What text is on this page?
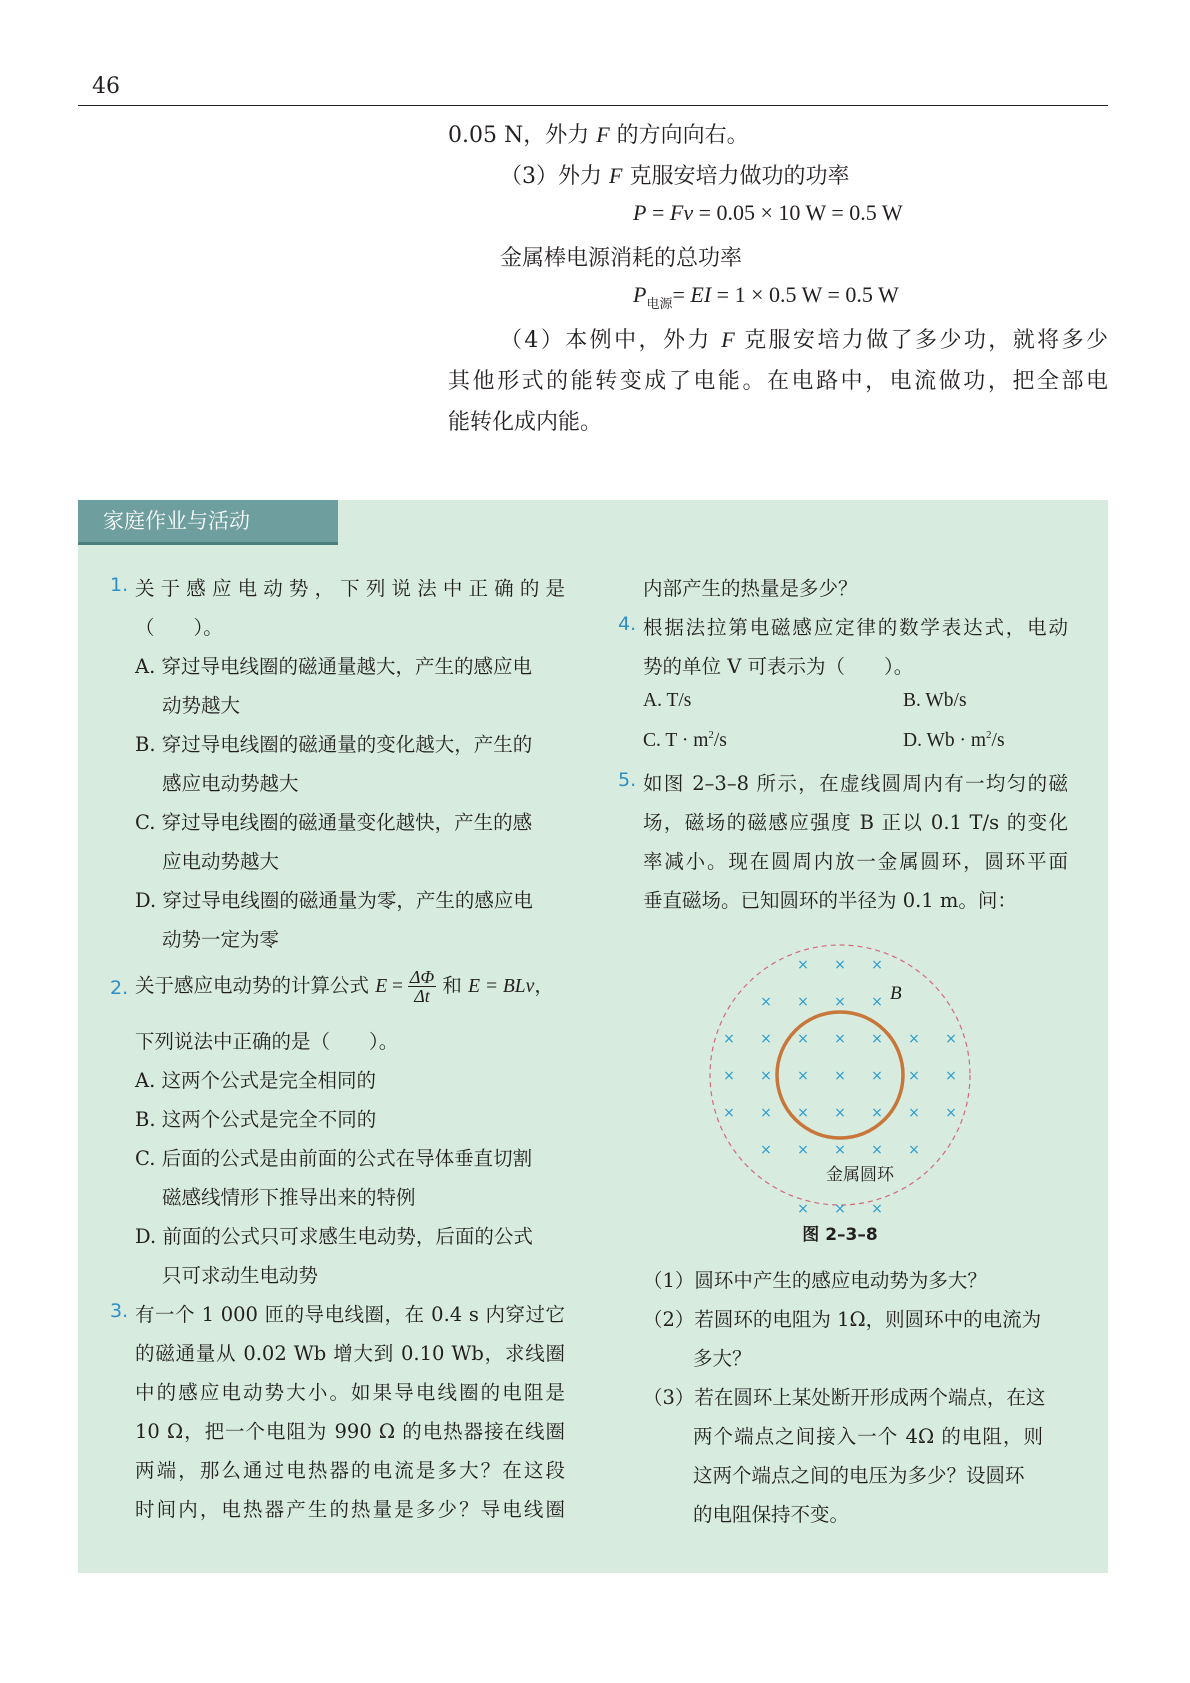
46
0.05 N，外力 F 的方向向右。
（3）外力 F 克服安培力做功的功率
P = Fv = 0.05 × 10 W = 0.5 W
金属棒电源消耗的总功率
$P_{电源}=$ EI = 1 × 0.5 W = 0.5 W
（4）本例中，外力 F 克服安培力做了多少功，就将多少
其他形式的能转变成了电能。在电路中，电流做功，把全部电
能转化成内能。
家庭作业与活动
1. 关于感应电动势，下列说法中正确的是
（　　）。
A. 穿过导电线圈的磁通量越大，产生的感应电
动势越大
B. 穿过导电线圈的磁通量的变化越大，产生的
感应电动势越大
C. 穿过导电线圈的磁通量变化越快，产生的感
应电动势越大
D. 穿过导电线圈的磁通量为零，产生的感应电
动势一定为零
2. 关于感应电动势的计算公式 $E = \frac{\Delta\Phi}{\Delta t}$ 和 E = BLv，
下列说法中正确的是（　　）。
A. 这两个公式是完全相同的
B. 这两个公式是完全不同的
C. 后面的公式是由前面的公式在导体垂直切割
磁感线情形下推导出来的特例
D. 前面的公式只可求感生电动势，后面的公式
只可求动生电动势
3. 有一个 1 000 匝的导电线圈，在 0.4 s 内穿过它
的磁通量从 0.02 Wb 增大到 0.10 Wb，求线圈
中的感应电动势大小。如果导电线圈的电阻是
10 Ω，把一个电阻为 990 Ω 的电热器接在线圈
两端，那么通过电热器的电流是多大？在这段
时间内，电热器产生的热量是多少？导电线圈
内部产生的热量是多少？
4. 根据法拉第电磁感应定律的数学表达式，电动
势的单位 V 可表示为（　　）。
A. T/s	B. Wb/s
C. $T \cdot m^2/s$	D. $Wb \cdot m^2/s$
5. 如图 2–3–8 所示，在虚线圆周内有一均匀的磁
场，磁场的磁感应强度 B 正以 0.1 T/s 的变化
率减小。现在圆周内放一金属圆环，圆环平面
垂直磁场。已知圆环的半径为 0.1 m。问：
（1）圆环中产生的感应电动势为多大？
（2）若圆环的电阻为 1Ω，则圆环中的电流为
多大？
（3）若在圆环上某处断开形成两个端点，在这
两个端点之间接入一个 4Ω 的电阻，则
这两个端点之间的电压为多少？设圆环
的电阻保持不变。
×
×
×
×
×
×
×
×
×
×
×
×
×
×
×
×
×
×
×
×
×
×
×
×
×
×
×
×
×
×
×
×
×
× × ×
B
金属圆环
图 2–3–8
